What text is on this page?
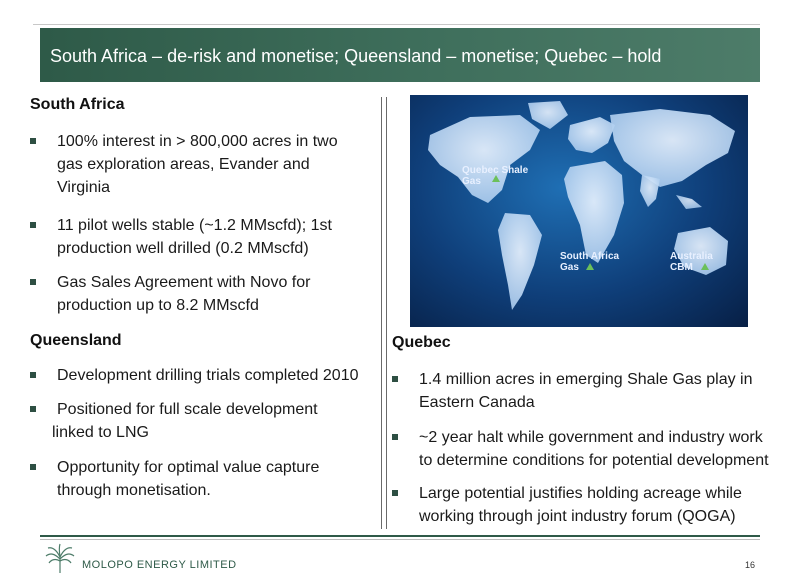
South Africa – de-risk and monetise; Queensland – monetise; Quebec – hold
South Africa
100% interest in > 800,000 acres in two
gas exploration areas, Evander and
Virginia
11 pilot wells stable (~1.2 MMscfd); 1st
production well drilled (0.2 MMscfd)
Gas Sales Agreement with Novo for
production up to 8.2 MMscfd
Queensland
Development drilling trials completed 2010
Positioned for full scale development
linked to LNG
Opportunity for optimal value capture
through monetisation.
Quebec Shale
Gas
South Africa
Gas
Australia
CBM
Quebec
1.4 million acres in emerging Shale Gas play in
Eastern Canada
~2 year halt while government and industry work
to determine conditions for potential development
Large potential justifies holding acreage while
working through joint industry forum (QOGA)
MOLOPO ENERGY LIMITED	16
